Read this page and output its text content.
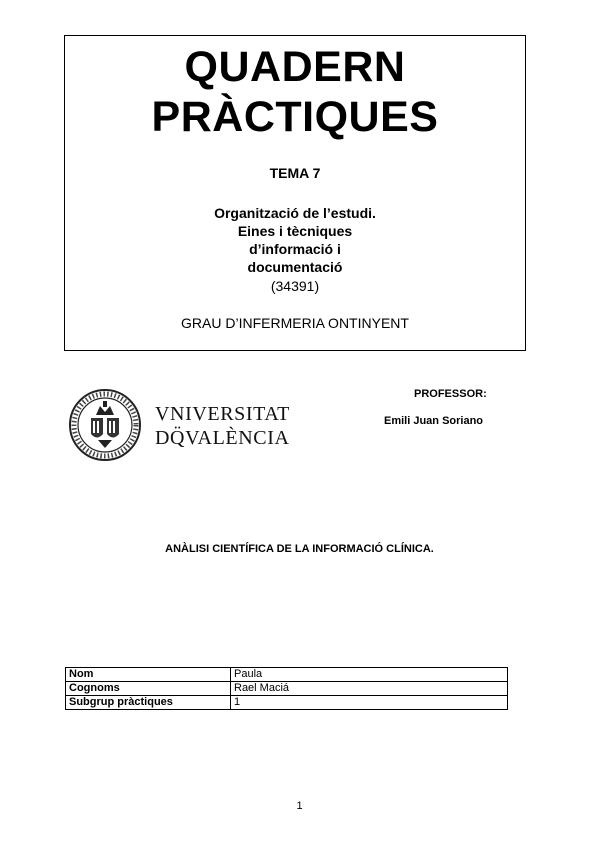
QUADERN
PRÀCTIQUES
TEMA 7
Organització de l’estudi.
Eines i tècniques
d’informació i
documentació
(34391)
GRAU D’INFERMERIA ONTINYENT
VNIVERSITAT
DQ̈VALÈNCIA
PROFESSOR:
Emili Juan Soriano
ANÀLISI CIENTÍFICA DE LA INFORMACIÓ CLÍNICA.
Nom	Paula
Cognoms	Rael Maciá
Subgrup pràctiques	1
1
